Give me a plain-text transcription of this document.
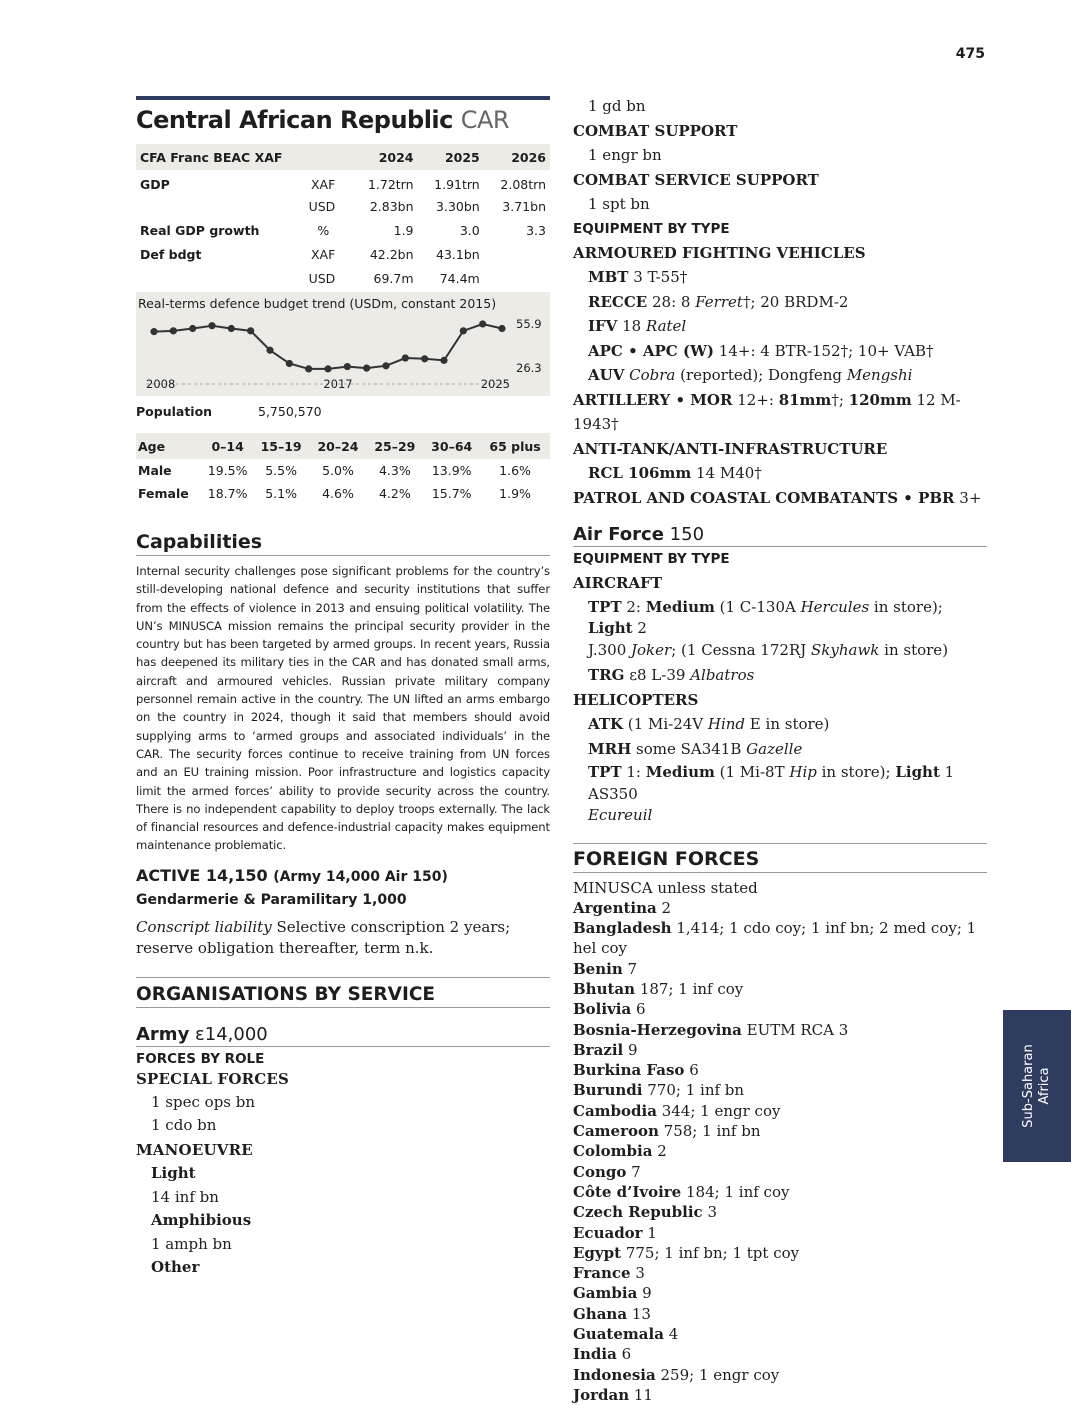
475
Central African Republic CAR
CFA Franc BEAC XAF		2024	2025	2026
GDP	XAF	1.72trn	1.91trn	2.08trn
	USD	2.83bn	3.30bn	3.71bn
Real GDP growth	%	1.9	3.0	3.3
Def bdgt	XAF	42.2bn	43.1bn	
	USD	69.7m	74.4m	
Real-terms defence budget trend (USDm, constant 2015)
55.9
26.3
2008	2017	2025
Population	5,750,570
Age	0–14	15–19	20–24	25–29	30–64	65 plus
Male	19.5%	5.5%	5.0%	4.3%	13.9%	1.6%
Female	18.7%	5.1%	4.6%	4.2%	15.7%	1.9%
Capabilities
Internal security challenges pose significant problems for the country’s still-developing national defence and security institutions that suffer from the effects of violence in 2013 and ensuing political volatility. The UN’s MINUSCA mission remains the principal security provider in the country but has been targeted by armed groups. In recent years, Russia has deepened its military ties in the CAR and has donated small arms, aircraft and armoured vehicles. Russian private military company personnel remain active in the country. The UN lifted an arms embargo on the country in 2024, though it said that members should avoid supplying arms to ‘armed groups and associated individuals’ in the CAR. The security forces continue to receive training from UN forces and an EU training mission. Poor infrastructure and logistics capacity limit the armed forces’ ability to provide security across the country. There is no independent capability to deploy troops externally. The lack of financial resources and defence-industrial capacity makes equipment maintenance problematic.
ACTIVE 14,150 (Army 14,000 Air 150) Gendarmerie & Paramilitary 1,000
Conscript liability Selective conscription 2 years; reserve obligation thereafter, term n.k.
ORGANISATIONS BY SERVICE
Army ε14,000
FORCES BY ROLE
SPECIAL FORCES
1 spec ops bn
1 cdo bn
MANOEUVRE
Light
14 inf bn
Amphibious
1 amph bn
Other
1 gd bn
COMBAT SUPPORT
1 engr bn
COMBAT SERVICE SUPPORT
1 spt bn
EQUIPMENT BY TYPE
ARMOURED FIGHTING VEHICLES
MBT 3 T-55†
RECCE 28: 8 Ferret†; 20 BRDM-2
IFV 18 Ratel
APC • APC (W) 14+: 4 BTR-152†; 10+ VAB†
AUV Cobra (reported); Dongfeng Mengshi
ARTILLERY • MOR 12+: 81mm†; 120mm 12 M-1943†
ANTI-TANK/ANTI-INFRASTRUCTURE
RCL 106mm 14 M40†
PATROL AND COASTAL COMBATANTS • PBR 3+
Air Force 150
EQUIPMENT BY TYPE
AIRCRAFT
TPT 2: Medium (1 C-130A Hercules in store); Light 2
J.300 Joker; (1 Cessna 172RJ Skyhawk in store)
TRG ε8 L-39 Albatros
HELICOPTERS
ATK (1 Mi-24V Hind E in store)
MRH some SA341B Gazelle
TPT 1: Medium (1 Mi-8T Hip in store); Light 1 AS350
Ecureuil
FOREIGN FORCES
MINUSCA unless stated
Argentina 2
Bangladesh 1,414; 1 cdo coy; 1 inf bn; 2 med coy; 1 hel coy
Benin 7
Bhutan 187; 1 inf coy
Bolivia 6
Bosnia-Herzegovina EUTM RCA 3
Brazil 9
Burkina Faso 6
Burundi 770; 1 inf bn
Cambodia 344; 1 engr coy
Cameroon 758; 1 inf bn
Colombia 2
Congo 7
Côte d’Ivoire 184; 1 inf coy
Czech Republic 3
Ecuador 1
Egypt 775; 1 inf bn; 1 tpt coy
France 3
Gambia 9
Ghana 13
Guatemala 4
India 6
Indonesia 259; 1 engr coy
Jordan 11
Sub-Saharan
Africa
